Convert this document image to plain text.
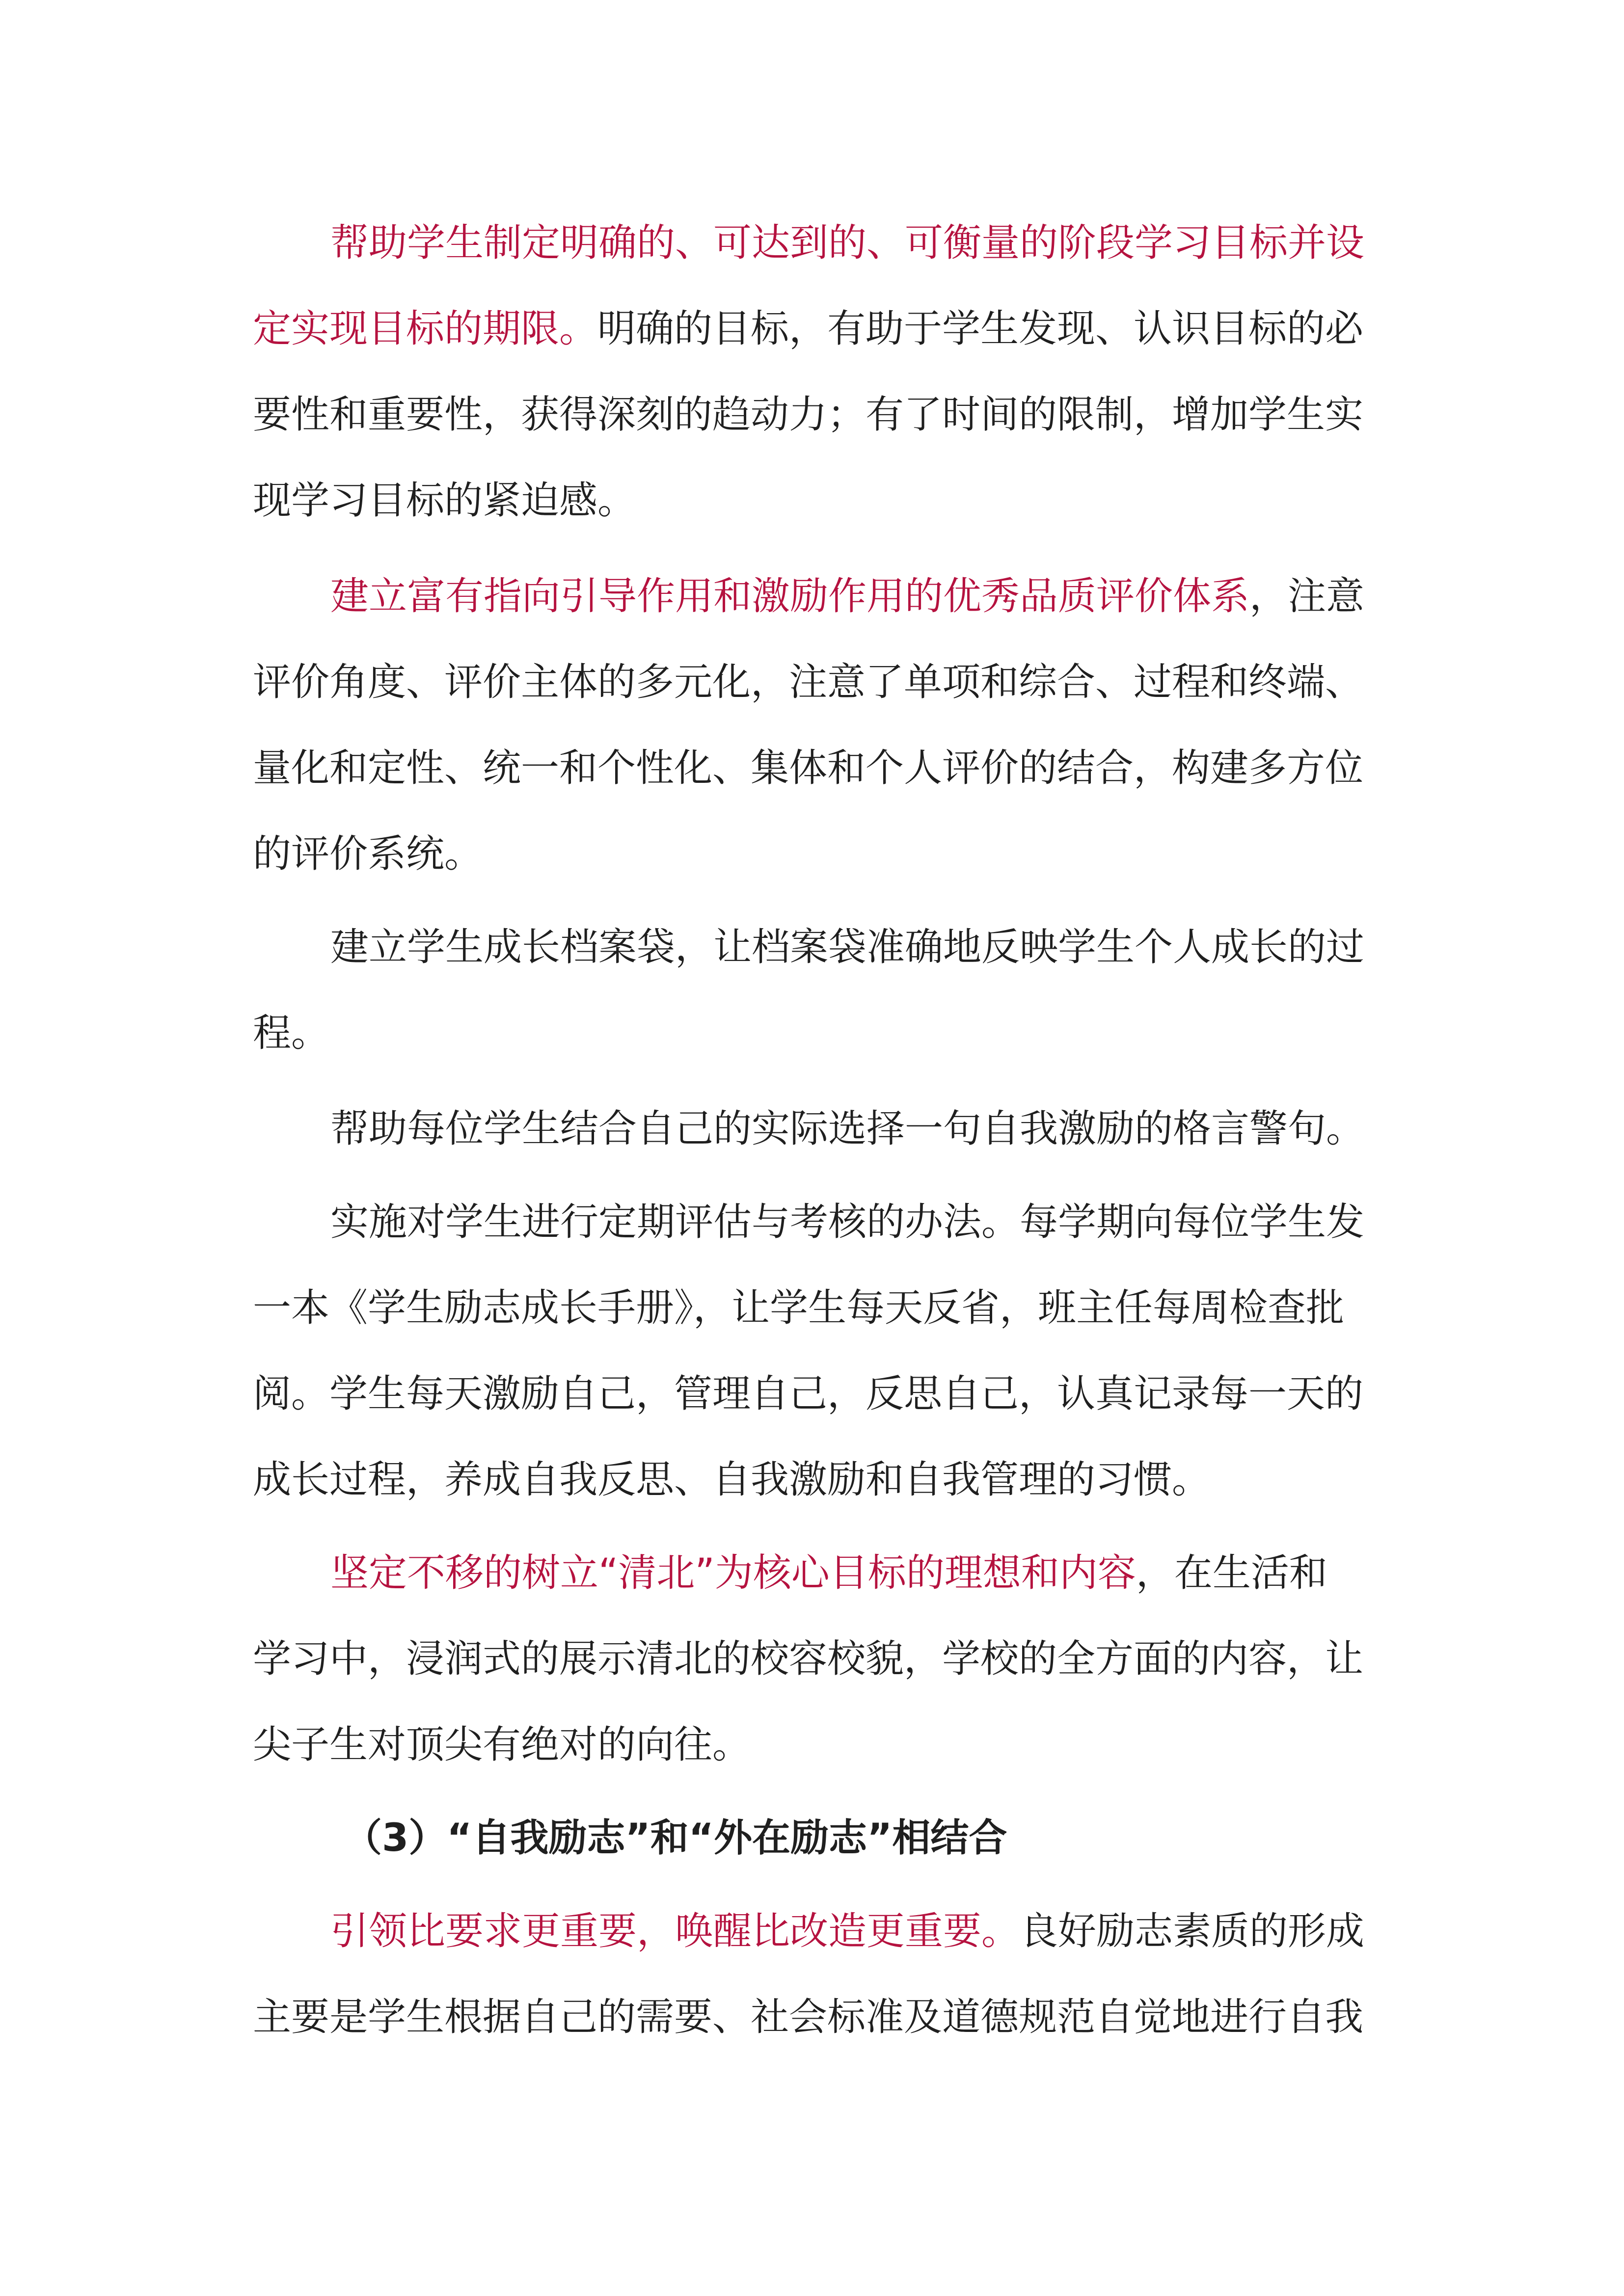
帮助学生制定明确的、可达到的、可衡量的阶段学习目标并设
定实现目标的期限。明确的目标，有助于学生发现、认识目标的必
要性和重要性，获得深刻的趋动力；有了时间的限制，增加学生实
现学习目标的紧迫感。
建立富有指向引导作用和激励作用的优秀品质评价体系，注意
评价角度、评价主体的多元化，注意了单项和综合、过程和终端、
量化和定性、统一和个性化、集体和个人评价的结合，构建多方位
的评价系统。
建立学生成长档案袋，让档案袋准确地反映学生个人成长的过
程。
帮助每位学生结合自己的实际选择一句自我激励的格言警句。
实施对学生进行定期评估与考核的办法。每学期向每位学生发
一本《学生励志成长手册》，让学生每天反省，班主任每周检查批
阅。学生每天激励自己，管理自己，反思自己，认真记录每一天的
成长过程，养成自我反思、自我激励和自我管理的习惯。
坚定不移的树立“清北”为核心目标的理想和内容，在生活和
学习中，浸润式的展示清北的校容校貌，学校的全方面的内容，让
尖子生对顶尖有绝对的向往。
（3）“自我励志”和“外在励志”相结合
引领比要求更重要，唤醒比改造更重要。良好励志素质的形成
主要是学生根据自己的需要、社会标准及道德规范自觉地进行自我
